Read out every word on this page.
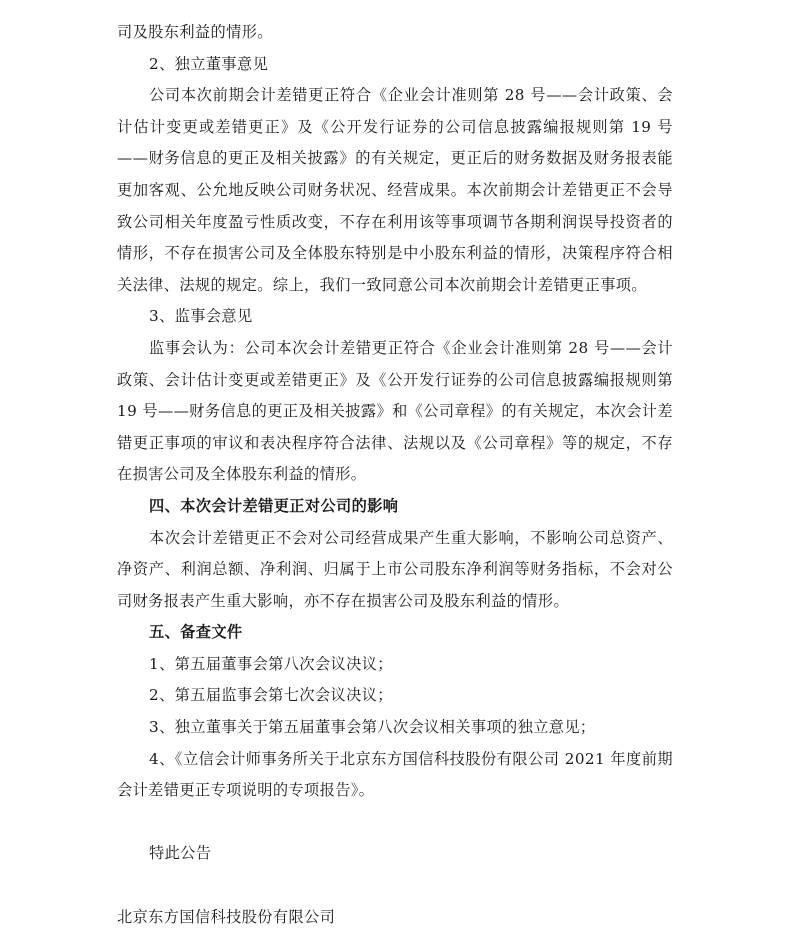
司及股东利益的情形。

2、独立董事意见

公司本次前期会计差错更正符合《企业会计准则第 28 号——会计政策、会计估计变更或差错更正》及《公开发行证券的公司信息披露编报规则第 19 号——财务信息的更正及相关披露》的有关规定，更正后的财务数据及财务报表能更加客观、公允地反映公司财务状况、经营成果。本次前期会计差错更正不会导致公司相关年度盈亏性质改变，不存在利用该等事项调节各期利润误导投资者的情形，不存在损害公司及全体股东特别是中小股东利益的情形，决策程序符合相关法律、法规的规定。综上，我们一致同意公司本次前期会计差错更正事项。

3、监事会意见

监事会认为：公司本次会计差错更正符合《企业会计准则第 28 号——会计政策、会计估计变更或差错更正》及《公开发行证券的公司信息披露编报规则第 19 号——财务信息的更正及相关披露》和《公司章程》的有关规定，本次会计差错更正事项的审议和表决程序符合法律、法规以及《公司章程》等的规定，不存在损害公司及全体股东利益的情形。

四、本次会计差错更正对公司的影响

本次会计差错更正不会对公司经营成果产生重大影响，不影响公司总资产、净资产、利润总额、净利润、归属于上市公司股东净利润等财务指标，不会对公司财务报表产生重大影响，亦不存在损害公司及股东利益的情形。

五、备查文件

1、第五届董事会第八次会议决议；

2、第五届监事会第七次会议决议；

3、独立董事关于第五届董事会第八次会议相关事项的独立意见；

4、《立信会计师事务所关于北京东方国信科技股份有限公司 2021 年度前期会计差错更正专项说明的专项报告》。

特此公告

北京东方国信科技股份有限公司
